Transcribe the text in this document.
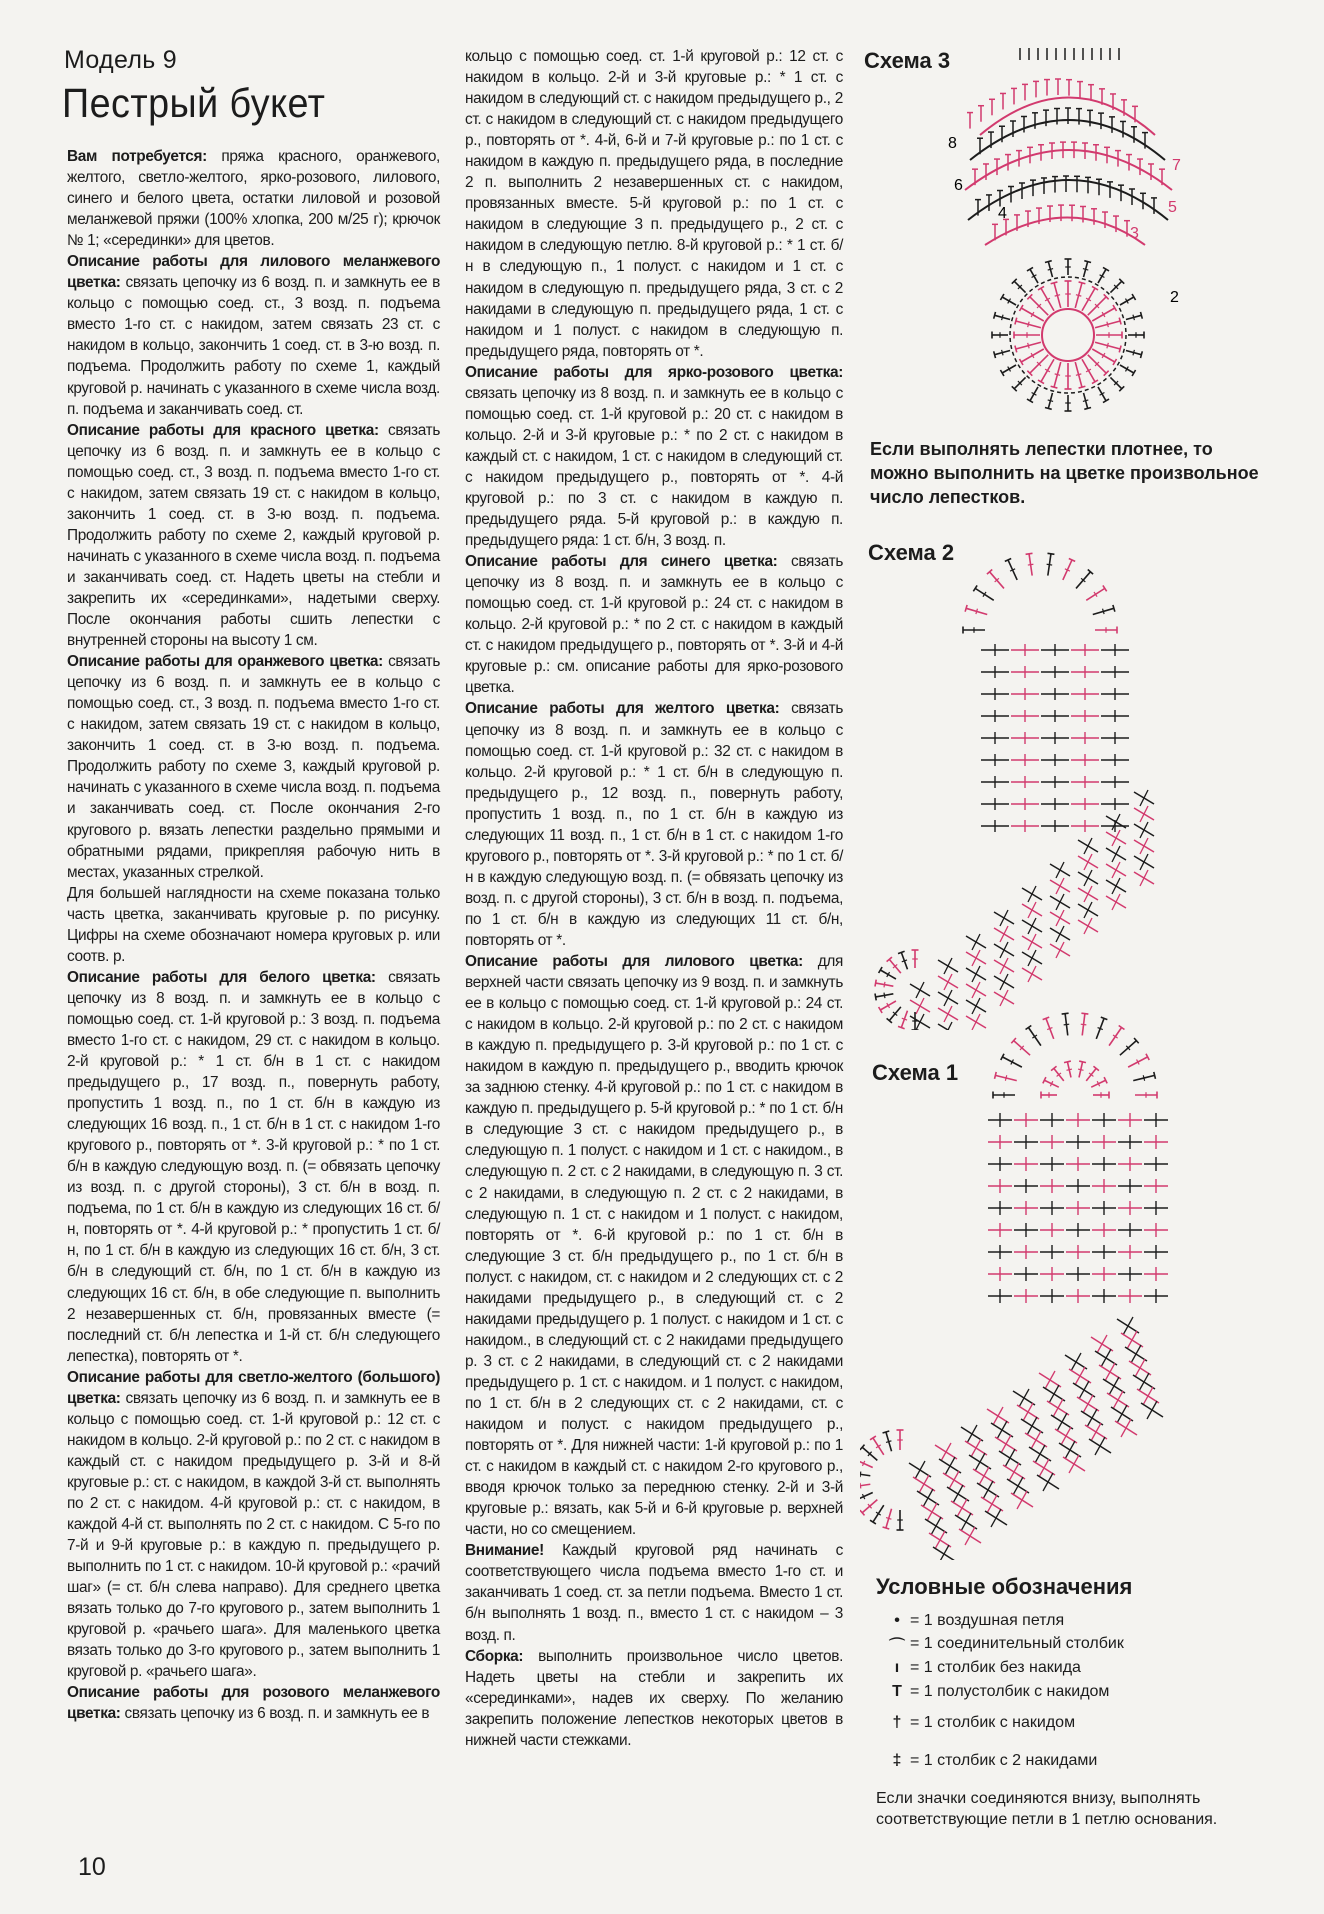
Модель 9
Пестрый букет

Вам потребуется: пряжа красного, оранжевого, желтого, светло-желтого, ярко-розового, лилового, синего и белого цвета, остатки лиловой и розовой меланжевой пряжи (100% хлопка, 200 м/25 г); крючок № 1; «серединки» для цветов.

Описание работы для лилового меланжевого цветка: связать цепочку из 6 возд. п. и замкнуть ее в кольцо с помощью соед. ст., 3 возд. п. подъема вместо 1-го ст. с накидом, затем связать 23 ст. с накидом в кольцо, закончить 1 соед. ст. в 3-ю возд. п. подъема. Продолжить работу по схеме 1, каждый круговой р. начинать с указанного в схеме числа возд. п. подъема и заканчивать соед. ст.

Описание работы для красного цветка: связать цепочку из 6 возд. п. и замкнуть ее в кольцо с помощью соед. ст., 3 возд. п. подъема вместо 1-го ст. с накидом, затем связать 19 ст. с накидом в кольцо, закончить 1 соед. ст. в 3-ю возд. п. подъема. Продолжить работу по схеме 2, каждый круговой р. начинать с указанного в схеме числа возд. п. подъема и заканчивать соед. ст. Надеть цветы на стебли и закрепить их «серединками», надетыми сверху. После окончания работы сшить лепестки с внутренней стороны на высоту 1 см.

Описание работы для оранжевого цветка: связать цепочку из 6 возд. п. и замкнуть ее в кольцо с помощью соед. ст., 3 возд. п. подъема вместо 1-го ст. с накидом, затем связать 19 ст. с накидом в кольцо, закончить 1 соед. ст. в 3-ю возд. п. подъема. Продолжить работу по схеме 3, каждый круговой р. начинать с указанного в схеме числа возд. п. подъема и заканчивать соед. ст. После окончания 2-го кругового р. вязать лепестки раздельно прямыми и обратными рядами, прикрепляя рабочую нить в местах, указанных стрелкой.

Для большей наглядности на схеме показана только часть цветка, заканчивать круговые р. по рисунку. Цифры на схеме обозначают номера круговых р. или соотв. р.

Описание работы для белого цветка: связать цепочку из 8 возд. п. и замкнуть ее в кольцо с помощью соед. ст. 1-й круговой р.: 3 возд. п. подъема вместо 1-го ст. с накидом, 29 ст. с накидом в кольцо. 2-й круговой р.: * 1 ст. б/н в 1 ст. с накидом предыдущего р., 17 возд. п., повернуть работу, пропустить 1 возд. п., по 1 ст. б/н в каждую из следующих 16 возд. п., 1 ст. б/н в 1 ст. с накидом 1-го кругового р., повторять от *. 3-й круговой р.: * по 1 ст. б/н в каждую следующую возд. п. (= обвязать цепочку из возд. п. с другой стороны), 3 ст. б/н в возд. п. подъема, по 1 ст. б/н в каждую из следующих 16 ст. б/н, повторять от *. 4-й круговой р.: * пропустить 1 ст. б/н, по 1 ст. б/н в каждую из следующих 16 ст. б/н, 3 ст. б/н в следующий ст. б/н, по 1 ст. б/н в каждую из следующих 16 ст. б/н, в обе следующие п. выполнить 2 незавершенных ст. б/н, провязанных вместе (= последний ст. б/н лепестка и 1-й ст. б/н следующего лепестка), повторять от *.

Описание работы для светло-желтого (большого) цветка: связать цепочку из 6 возд. п. и замкнуть ее в кольцо с помощью соед. ст. 1-й круговой р.: 12 ст. с накидом в кольцо. 2-й круговой р.: по 2 ст. с накидом в каждый ст. с накидом предыдущего р. 3-й и 8-й круговые р.: ст. с накидом, в каждой 3-й ст. выполнять по 2 ст. с накидом. 4-й круговой р.: ст. с накидом, в каждой 4-й ст. выполнять по 2 ст. с накидом. С 5-го по 7-й и 9-й круговые р.: в каждую п. предыдущего р. выполнить по 1 ст. с накидом. 10-й круговой р.: «рачий шаг» (= ст. б/н слева направо). Для среднего цветка вязать только до 7-го кругового р., затем выполнить 1 круговой р. «рачьего шага». Для маленького цветка вязать только до 3-го кругового р., затем выполнить 1 круговой р. «рачьего шага».

Описание работы для розового меланжевого цветка: связать цепочку из 6 возд. п. и замкнуть ее в

кольцо с помощью соед. ст. 1-й круговой р.: 12 ст. с накидом в кольцо. 2-й и 3-й круговые р.: * 1 ст. с накидом в следующий ст. с накидом предыдущего р., 2 ст. с накидом в следующий ст. с накидом предыдущего р., повторять от *. 4-й, 6-й и 7-й круговые р.: по 1 ст. с накидом в каждую п. предыдущего ряда, в последние 2 п. выполнить 2 незавершенных ст. с накидом, провязанных вместе. 5-й круговой р.: по 1 ст. с накидом в следующие 3 п. предыдущего р., 2 ст. с накидом в следующую петлю. 8-й круговой р.: * 1 ст. б/н в следующую п., 1 полуст. с накидом и 1 ст. с накидом в следующую п. предыдущего ряда, 3 ст. с 2 накидами в следующую п. предыдущего ряда, 1 ст. с накидом и 1 полуст. с накидом в следующую п. предыдущего ряда, повторять от *.

Описание работы для ярко-розового цветка: связать цепочку из 8 возд. п. и замкнуть ее в кольцо с помощью соед. ст. 1-й круговой р.: 20 ст. с накидом в кольцо. 2-й и 3-й круговые р.: * по 2 ст. с накидом в каждый ст. с накидом, 1 ст. с накидом в следующий ст. с накидом предыдущего р., повторять от *. 4-й круговой р.: по 3 ст. с накидом в каждую п. предыдущего ряда. 5-й круговой р.: в каждую п. предыдущего ряда: 1 ст. б/н, 3 возд. п.

Описание работы для синего цветка: связать цепочку из 8 возд. п. и замкнуть ее в кольцо с помощью соед. ст. 1-й круговой р.: 24 ст. с накидом в кольцо. 2-й круговой р.: * по 2 ст. с накидом в каждый ст. с накидом предыдущего р., повторять от *. 3-й и 4-й круговые р.: см. описание работы для ярко-розового цветка.

Описание работы для желтого цветка: связать цепочку из 8 возд. п. и замкнуть ее в кольцо с помощью соед. ст. 1-й круговой р.: 32 ст. с накидом в кольцо. 2-й круговой р.: * 1 ст. б/н в следующую п. предыдущего р., 12 возд. п., повернуть работу, пропустить 1 возд. п., по 1 ст. б/н в каждую из следующих 11 возд. п., 1 ст. б/н в 1 ст. с накидом 1-го кругового р., повторять от *. 3-й круговой р.: * по 1 ст. б/н в каждую следующую возд. п. (= обвязать цепочку из возд. п. с другой стороны), 3 ст. б/н в возд. п. подъема, по 1 ст. б/н в каждую из следующих 11 ст. б/н, повторять от *.

Описание работы для лилового цветка: для верхней части связать цепочку из 9 возд. п. и замкнуть ее в кольцо с помощью соед. ст. 1-й круговой р.: 24 ст. с накидом в кольцо. 2-й круговой р.: по 2 ст. с накидом в каждую п. предыдущего р. 3-й круговой р.: по 1 ст. с накидом в каждую п. предыдущего р., вводить крючок за заднюю стенку. 4-й круговой р.: по 1 ст. с накидом в каждую п. предыдущего р. 5-й круговой р.: * по 1 ст. б/н в следующие 3 ст. с накидом предыдущего р., в следующую п. 1 полуст. с накидом и 1 ст. с накидом., в следующую п. 2 ст. с 2 накидами, в следующую п. 3 ст. с 2 накидами, в следующую п. 2 ст. с 2 накидами, в следующую п. 1 ст. с накидом и 1 полуст. с накидом, повторять от *. 6-й круговой р.: по 1 ст. б/н в следующие 3 ст. б/н предыдущего р., по 1 ст. б/н в полуст. с накидом, ст. с накидом и 2 следующих ст. с 2 накидами предыдущего р., в следующий ст. с 2 накидами предыдущего р. 1 полуст. с накидом и 1 ст. с накидом., в следующий ст. с 2 накидами предыдущего р. 3 ст. с 2 накидами, в следующий ст. с 2 накидами предыдущего р. 1 ст. с накидом. и 1 полуст. с накидом, по 1 ст. б/н в 2 следующих ст. с 2 накидами, ст. с накидом и полуст. с накидом предыдущего р., повторять от *. Для нижней части: 1-й круговой р.: по 1 ст. с накидом в каждый ст. с накидом 2-го кругового р., вводя крючок только за переднюю стенку. 2-й и 3-й круговые р.: вязать, как 5-й и 6-й круговые р. верхней части, но со смещением.

Внимание! Каждый круговой ряд начинать с соответствующего числа подъема вместо 1-го ст. и заканчивать 1 соед. ст. за петли подъема. Вместо 1 ст. б/н выполнять 1 возд. п., вместо 1 ст. с накидом – 3 возд. п.

Сборка: выполнить произвольное число цветов. Надеть цветы на стебли и закрепить их «серединками», надев их сверху. По желанию закрепить положение лепестков некоторых цветов в нижней части стежками.

Схема 3
Схема 2
Схема 1
Если выполнять лепестки плотнее, то можно выполнить на цветке произвольное число лепестков.
8
7
6
5
4
3
2
Условные обозначения
• = 1 воздушная петля
⌒ = 1 соединительный столбик
ı = 1 столбик без накида
T = 1 полустолбик с накидом
† = 1 столбик с накидом
‡ = 1 столбик с 2 накидами
Если значки соединяются внизу, выполнять соответствующие петли в 1 петлю основания.
10
